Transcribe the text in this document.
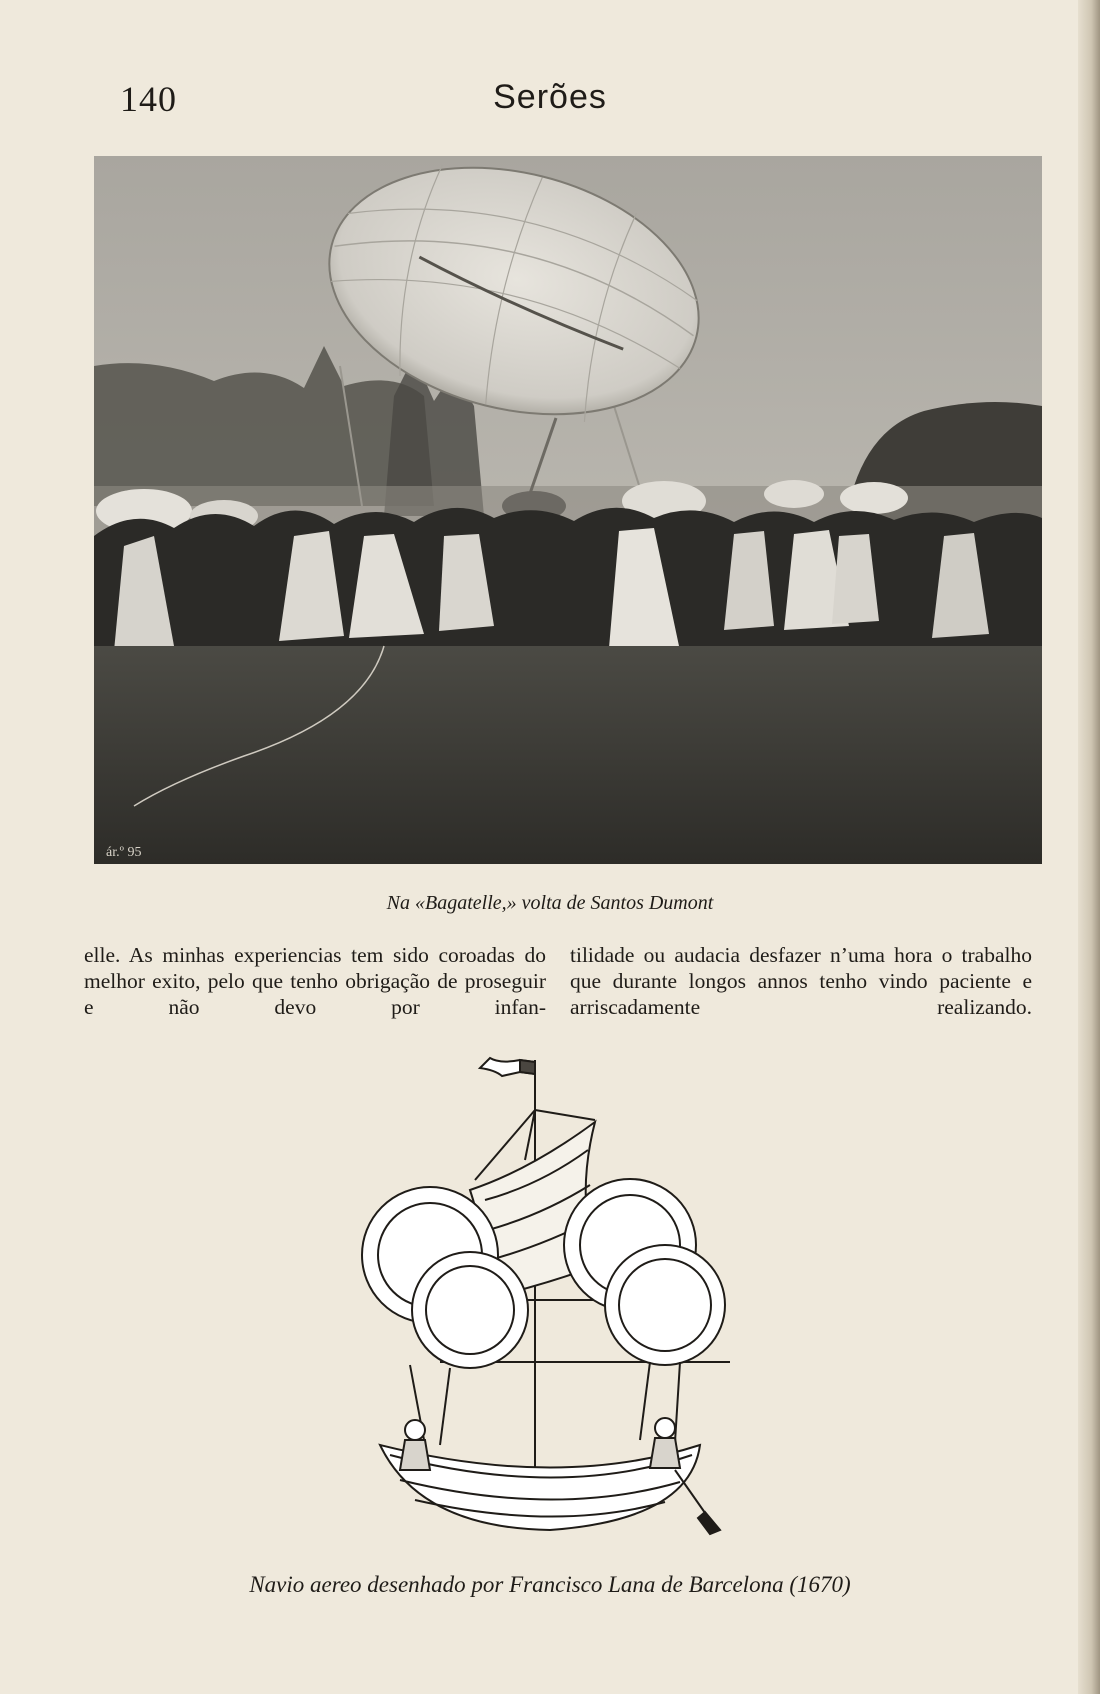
140	Serões
ár.º 95
Na «Bagatelle,» volta de Santos Dumont
elle. As minhas experiencias tem sido coroadas do melhor exito, pelo que tenho obrigação de proseguir e não devo por infan-
tilidade ou audacia desfazer n’uma hora o trabalho que durante longos annos tenho vindo paciente e arriscadamente realizando.
Navio aereo desenhado por Francisco Lana de Barcelona (1670)
